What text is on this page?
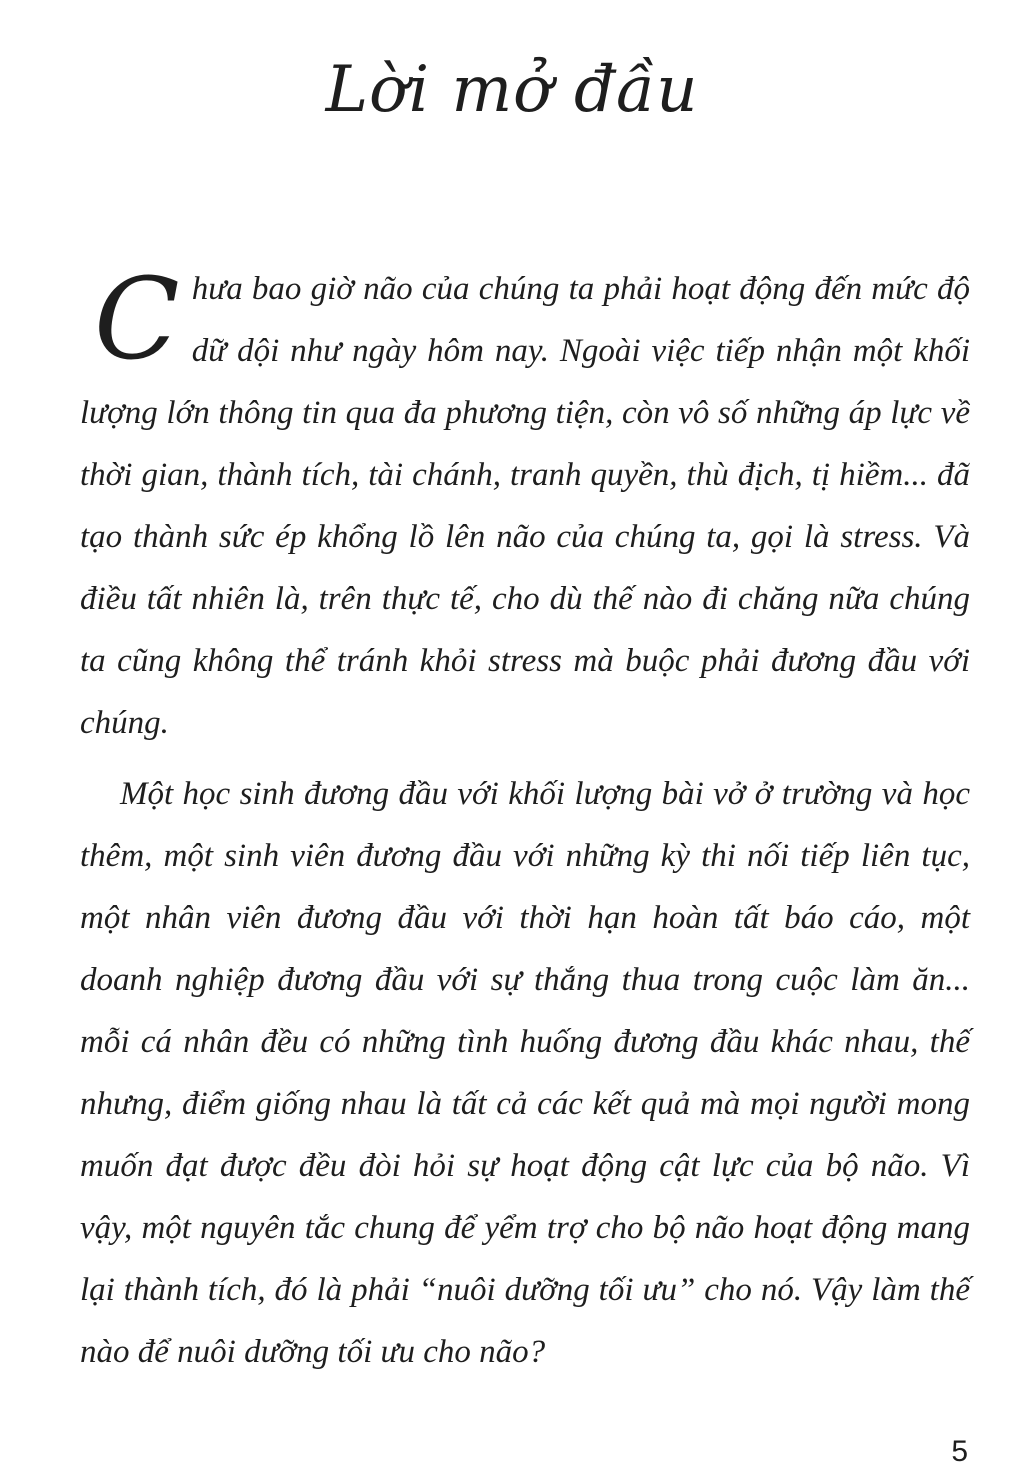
Lời mở đầu

Chưa bao giờ não của chúng ta phải hoạt động đến mức độ dữ dội như ngày hôm nay. Ngoài việc tiếp nhận một khối lượng lớn thông tin qua đa phương tiện, còn vô số những áp lực về thời gian, thành tích, tài chánh, tranh quyền, thù địch, tị hiềm... đã tạo thành sức ép khổng lồ lên não của chúng ta, gọi là stress. Và điều tất nhiên là, trên thực tế, cho dù thế nào đi chăng nữa chúng ta cũng không thể tránh khỏi stress mà buộc phải đương đầu với chúng.

Một học sinh đương đầu với khối lượng bài vở ở trường và học thêm, một sinh viên đương đầu với những kỳ thi nối tiếp liên tục, một nhân viên đương đầu với thời hạn hoàn tất báo cáo, một doanh nghiệp đương đầu với sự thắng thua trong cuộc làm ăn... mỗi cá nhân đều có những tình huống đương đầu khác nhau, thế nhưng, điểm giống nhau là tất cả các kết quả mà mọi người mong muốn đạt được đều đòi hỏi sự hoạt động cật lực của bộ não. Vì vậy, một nguyên tắc chung để yểm trợ cho bộ não hoạt động mang lại thành tích, đó là phải “nuôi dưỡng tối ưu” cho nó. Vậy làm thế nào để nuôi dưỡng tối ưu cho não?

5
